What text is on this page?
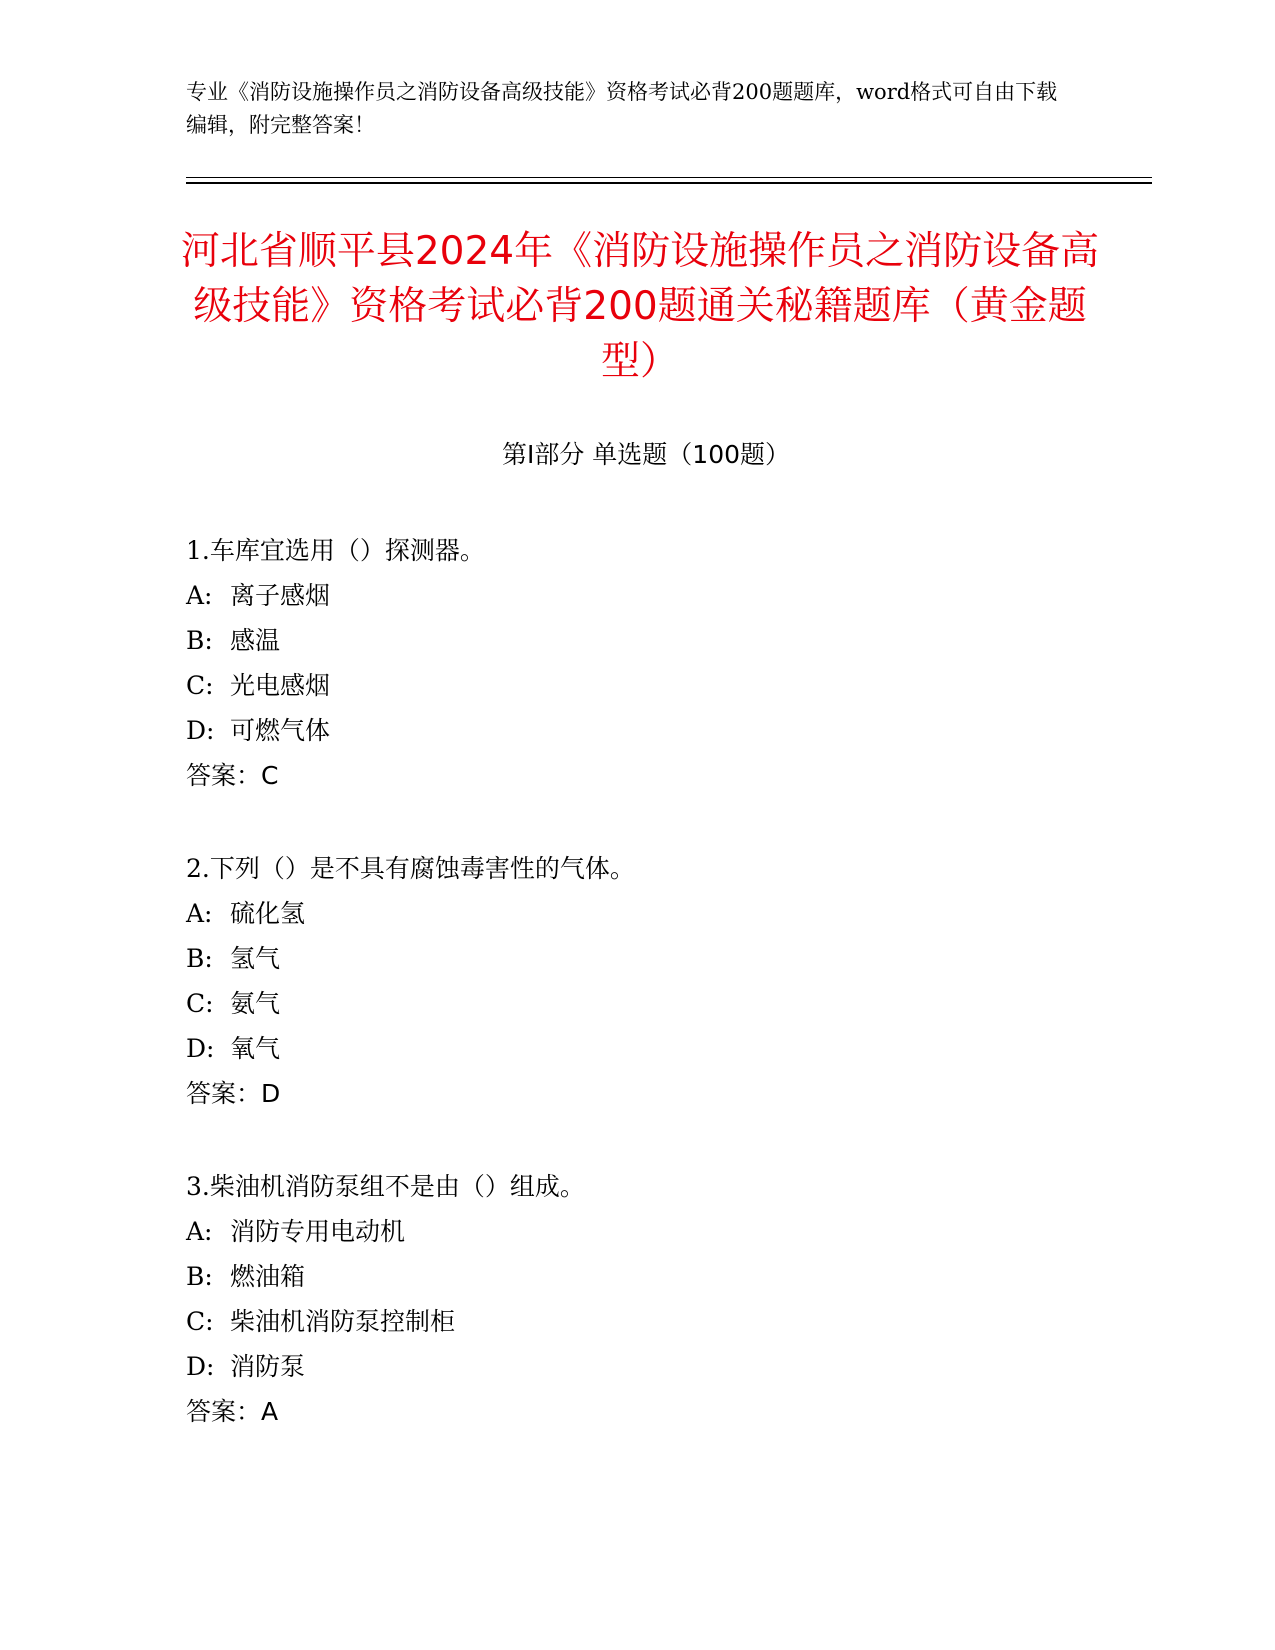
专业《消防设施操作员之消防设备高级技能》资格考试必背200题题库，word格式可自由下载编辑，附完整答案！
河北省顺平县2024年《消防设施操作员之消防设备高级技能》资格考试必背200题通关秘籍题库（黄金题型）
第Ⅰ部分 单选题（100题）
1.车库宜选用（）探测器。
A: 离子感烟
B: 感温
C: 光电感烟
D: 可燃气体
答案：C
2.下列（）是不具有腐蚀毒害性的气体。
A: 硫化氢
B: 氢气
C: 氨气
D: 氧气
答案：D
3.柴油机消防泵组不是由（）组成。
A: 消防专用电动机
B: 燃油箱
C: 柴油机消防泵控制柜
D: 消防泵
答案：A
